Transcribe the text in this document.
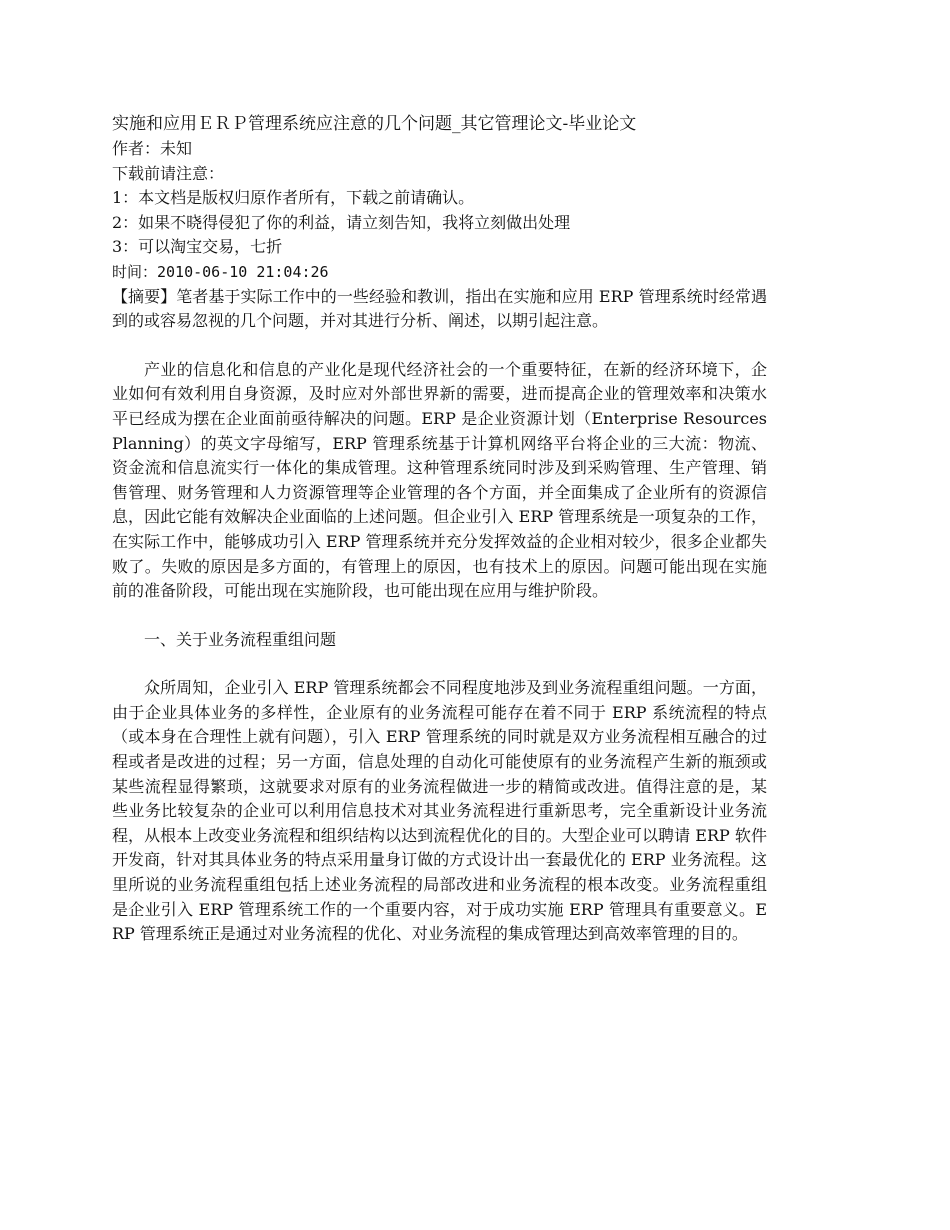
实施和应用ＥＲＰ管理系统应注意的几个问题_其它管理论文-毕业论文
作者：未知
下载前请注意：
1：本文档是版权归原作者所有，下载之前请确认。
2：如果不晓得侵犯了你的利益，请立刻告知，我将立刻做出处理
3：可以淘宝交易，七折
时间：2010-06-10 21:04:26

【摘要】笔者基于实际工作中的一些经验和教训，指出在实施和应用 ERP 管理系统时经常遇到的或容易忽视的几个问题，并对其进行分析、阐述，以期引起注意。

产业的信息化和信息的产业化是现代经济社会的一个重要特征，在新的经济环境下，企业如何有效利用自身资源，及时应对外部世界新的需要，进而提高企业的管理效率和决策水平已经成为摆在企业面前亟待解决的问题。ERP 是企业资源计划（Enterprise Resources Planning）的英文字母缩写，ERP 管理系统基于计算机网络平台将企业的三大流：物流、资金流和信息流实行一体化的集成管理。这种管理系统同时涉及到采购管理、生产管理、销售管理、财务管理和人力资源管理等企业管理的各个方面，并全面集成了企业所有的资源信息，因此它能有效解决企业面临的上述问题。但企业引入 ERP 管理系统是一项复杂的工作，在实际工作中，能够成功引入 ERP 管理系统并充分发挥效益的企业相对较少，很多企业都失败了。失败的原因是多方面的，有管理上的原因，也有技术上的原因。问题可能出现在实施前的准备阶段，可能出现在实施阶段，也可能出现在应用与维护阶段。

一、关于业务流程重组问题

众所周知，企业引入 ERP 管理系统都会不同程度地涉及到业务流程重组问题。一方面，由于企业具体业务的多样性，企业原有的业务流程可能存在着不同于 ERP 系统流程的特点（或本身在合理性上就有问题），引入 ERP 管理系统的同时就是双方业务流程相互融合的过程或者是改进的过程；另一方面，信息处理的自动化可能使原有的业务流程产生新的瓶颈或某些流程显得繁琐，这就要求对原有的业务流程做进一步的精简或改进。值得注意的是，某些业务比较复杂的企业可以利用信息技术对其业务流程进行重新思考，完全重新设计业务流程，从根本上改变业务流程和组织结构以达到流程优化的目的。大型企业可以聘请 ERP 软件开发商，针对其具体业务的特点采用量身订做的方式设计出一套最优化的 ERP 业务流程。这里所说的业务流程重组包括上述业务流程的局部改进和业务流程的根本改变。业务流程重组是企业引入 ERP 管理系统工作的一个重要内容，对于成功实施 ERP 管理具有重要意义。ERP 管理系统正是通过对业务流程的优化、对业务流程的集成管理达到高效率管理的目的。
